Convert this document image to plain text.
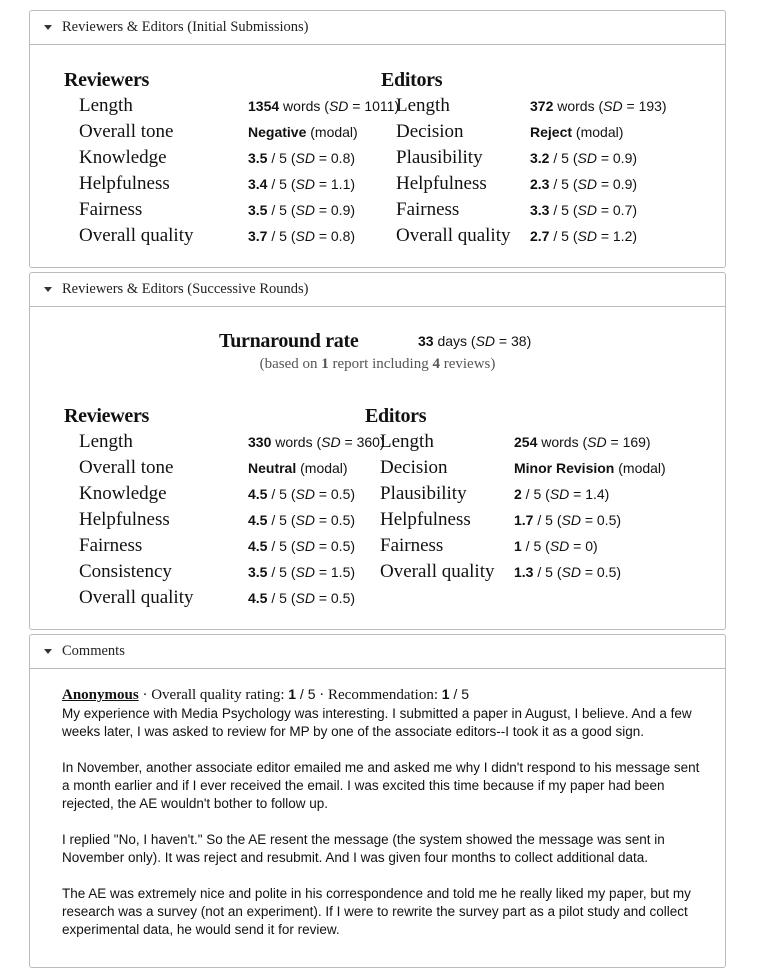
Reviewers & Editors (Initial Submissions)
Reviewers
Length	1354 words (SD = 1011)
Overall tone	Negative (modal)
Knowledge	3.5 / 5 (SD = 0.8)
Helpfulness	3.4 / 5 (SD = 1.1)
Fairness	3.5 / 5 (SD = 0.9)
Overall quality	3.7 / 5 (SD = 0.8)
Editors
Length	372 words (SD = 193)
Decision	Reject (modal)
Plausibility	3.2 / 5 (SD = 0.9)
Helpfulness	2.3 / 5 (SD = 0.9)
Fairness	3.3 / 5 (SD = 0.7)
Overall quality	2.7 / 5 (SD = 1.2)
Reviewers & Editors (Successive Rounds)
Turnaround rate	33 days (SD = 38)
(based on 1 report including 4 reviews)
Reviewers
Length	330 words (SD = 360)
Overall tone	Neutral (modal)
Knowledge	4.5 / 5 (SD = 0.5)
Helpfulness	4.5 / 5 (SD = 0.5)
Fairness	4.5 / 5 (SD = 0.5)
Consistency	3.5 / 5 (SD = 1.5)
Overall quality	4.5 / 5 (SD = 0.5)
Editors
Length	254 words (SD = 169)
Decision	Minor Revision (modal)
Plausibility	2 / 5 (SD = 1.4)
Helpfulness	1.7 / 5 (SD = 0.5)
Fairness	1 / 5 (SD = 0)
Overall quality	1.3 / 5 (SD = 0.5)
Comments
Anonymous · Overall quality rating: 1 / 5 · Recommendation: 1 / 5

My experience with Media Psychology was interesting. I submitted a paper in August, I believe. And a few weeks later, I was asked to review for MP by one of the associate editors--I took it as a good sign.

In November, another associate editor emailed me and asked me why I didn't respond to his message sent a month earlier and if I ever received the email. I was excited this time because if my paper had been rejected, the AE wouldn't bother to follow up.

I replied "No, I haven't." So the AE resent the message (the system showed the message was sent in November only). It was reject and resubmit. And I was given four months to collect additional data.

The AE was extremely nice and polite in his correspondence and told me he really liked my paper, but my research was a survey (not an experiment). If I were to rewrite the survey part as a pilot study and collect experimental data, he would send it for review.
